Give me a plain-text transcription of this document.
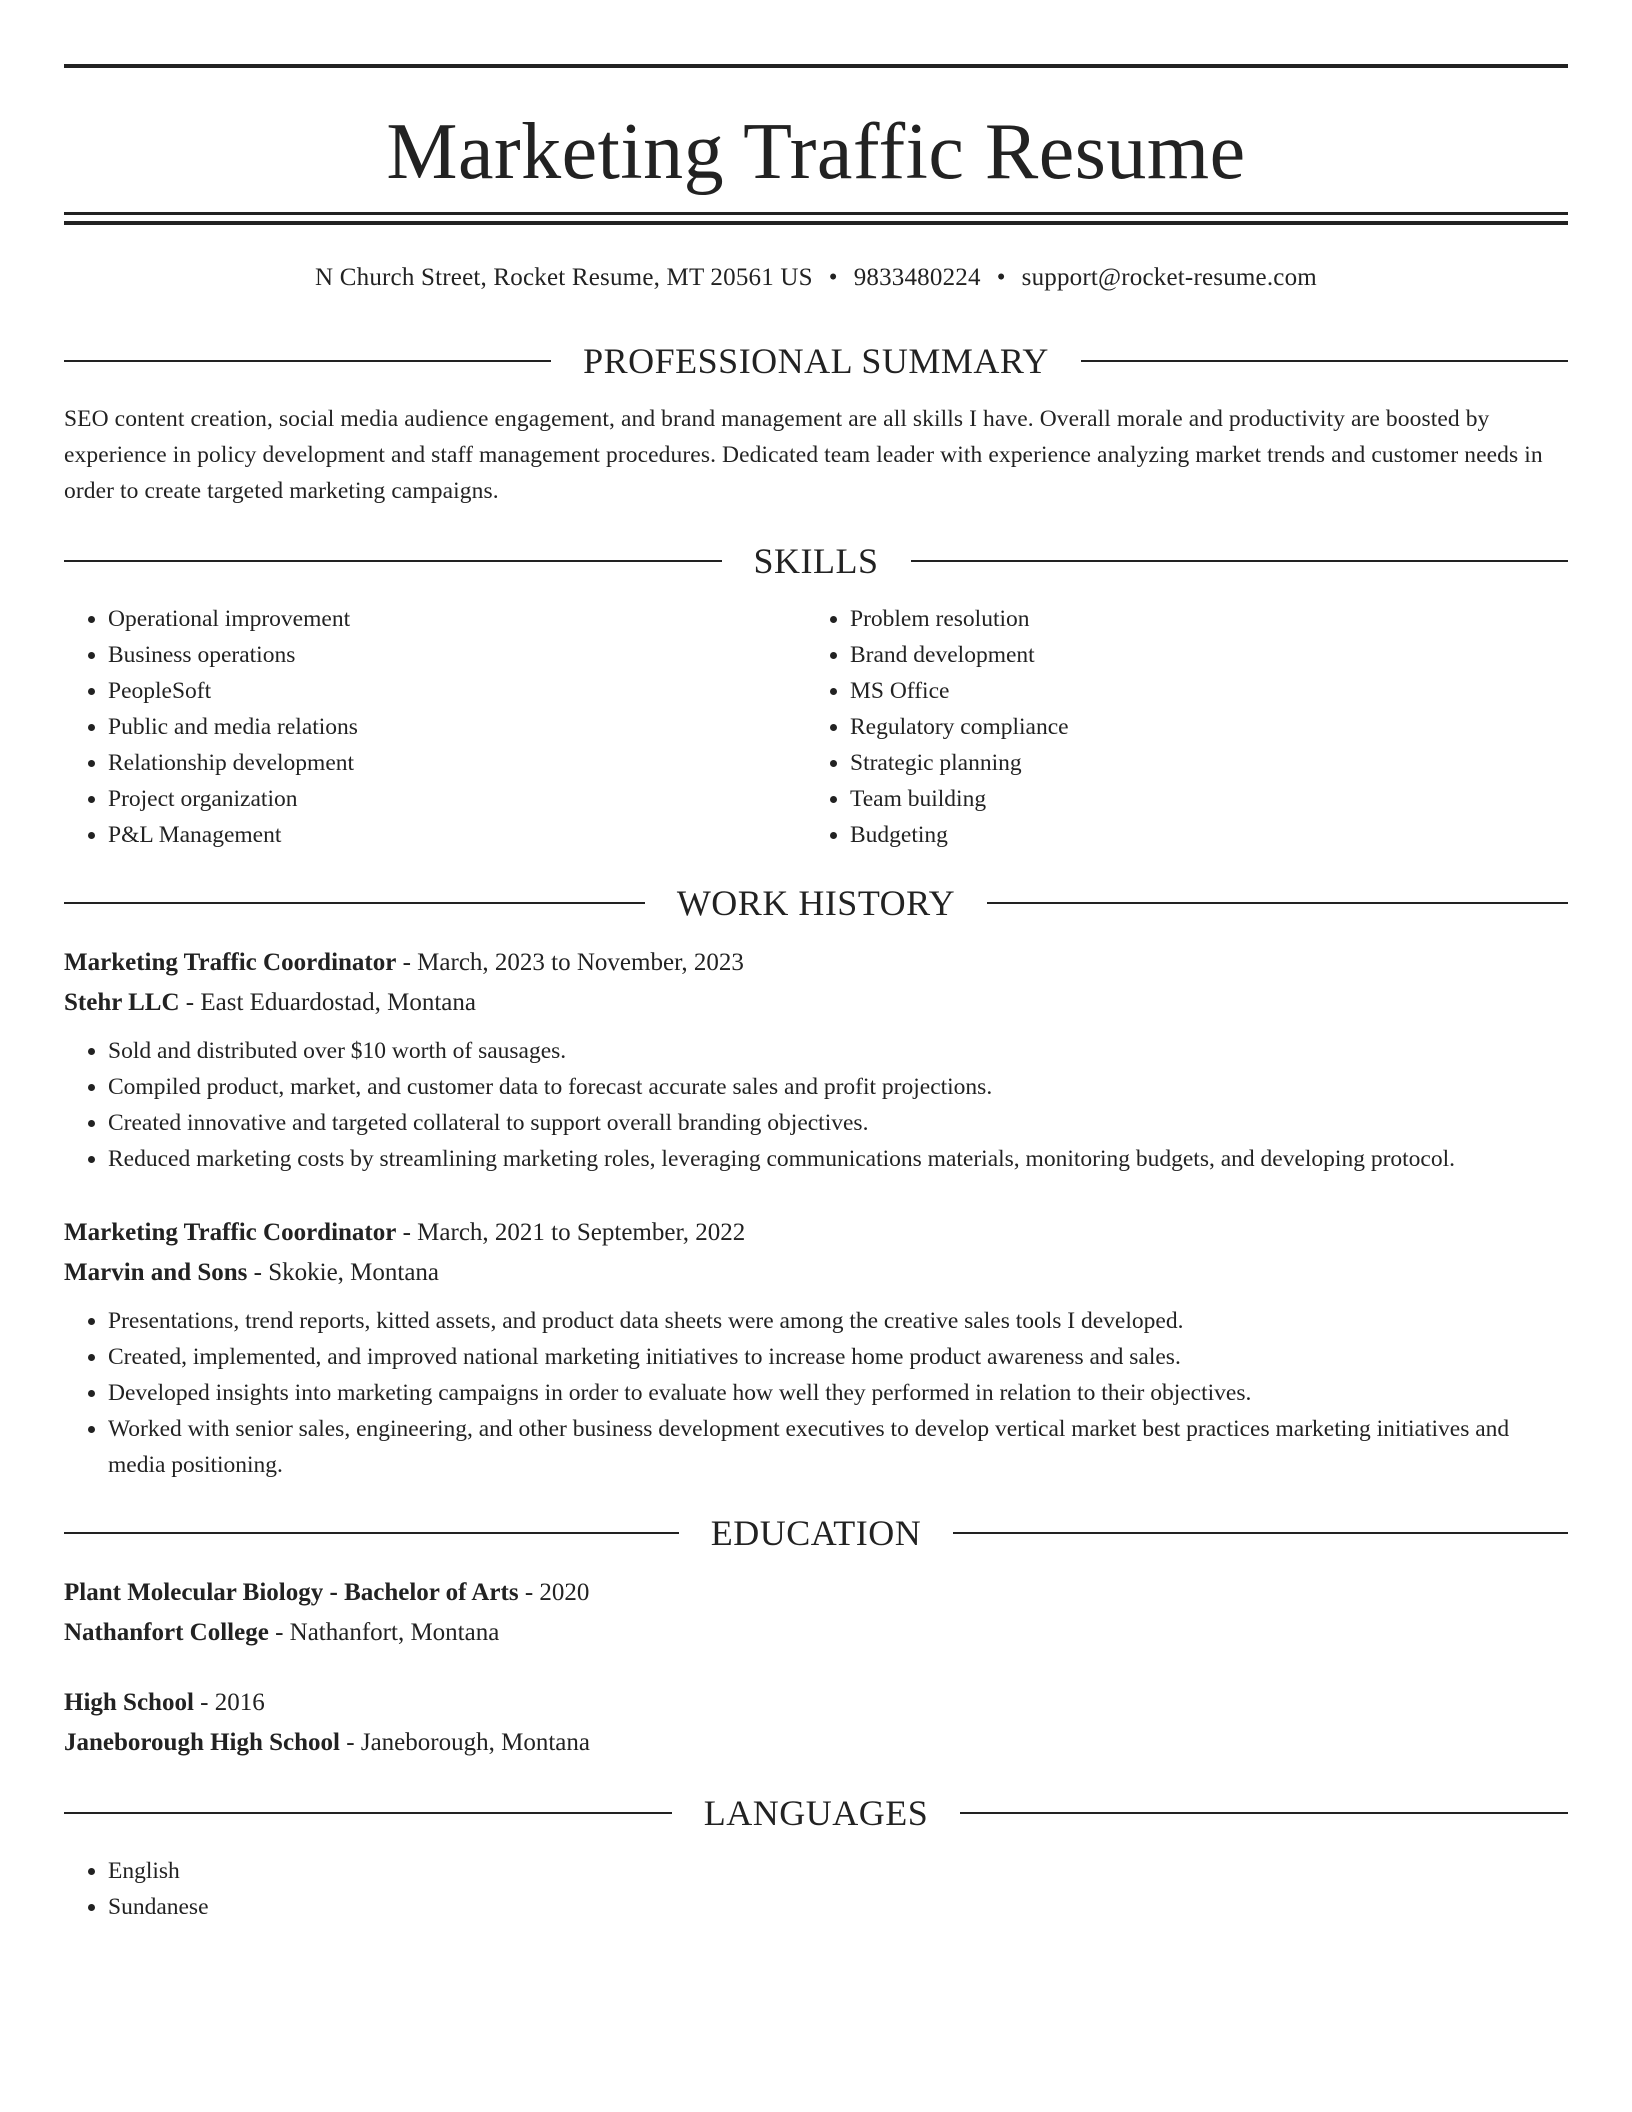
Marketing Traffic Resume
N Church Street, Rocket Resume, MT 20561 US • 9833480224 • support@rocket-resume.com
PROFESSIONAL SUMMARY
SEO content creation, social media audience engagement, and brand management are all skills I have. Overall morale and productivity are boosted by experience in policy development and staff management procedures. Dedicated team leader with experience analyzing market trends and customer needs in order to create targeted marketing campaigns.
SKILLS
• Operational improvement
• Business operations
• PeopleSoft
• Public and media relations
• Relationship development
• Project organization
• P&L Management
• Problem resolution
• Brand development
• MS Office
• Regulatory compliance
• Strategic planning
• Team building
• Budgeting
WORK HISTORY
Marketing Traffic Coordinator - March, 2023 to November, 2023
Stehr LLC - East Eduardostad, Montana
• Sold and distributed over $10 worth of sausages.
• Compiled product, market, and customer data to forecast accurate sales and profit projections.
• Created innovative and targeted collateral to support overall branding objectives.
• Reduced marketing costs by streamlining marketing roles, leveraging communications materials, monitoring budgets, and developing protocol.
Marketing Traffic Coordinator - March, 2021 to September, 2022
Marvin and Sons - Skokie, Montana
• Presentations, trend reports, kitted assets, and product data sheets were among the creative sales tools I developed.
• Created, implemented, and improved national marketing initiatives to increase home product awareness and sales.
• Developed insights into marketing campaigns in order to evaluate how well they performed in relation to their objectives.
• Worked with senior sales, engineering, and other business development executives to develop vertical market best practices marketing initiatives and media positioning.
EDUCATION
Plant Molecular Biology - Bachelor of Arts - 2020
Nathanfort College - Nathanfort, Montana
High School - 2016
Janeborough High School - Janeborough, Montana
LANGUAGES
• English
• Sundanese
